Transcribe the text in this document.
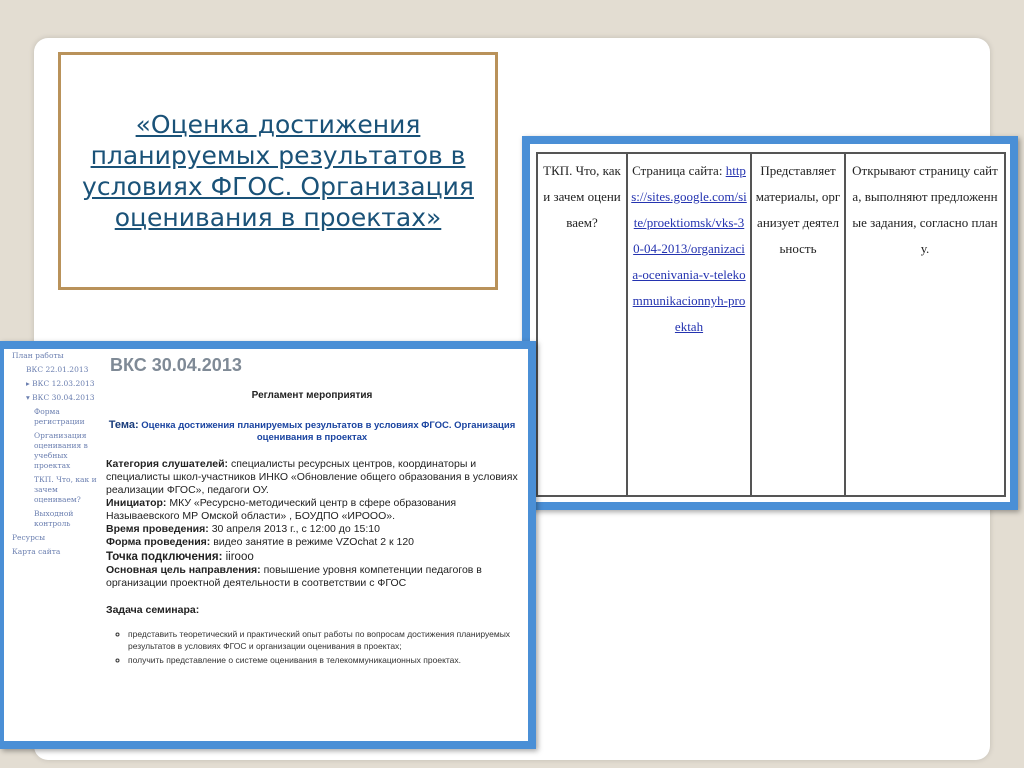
«Оценка достижения планируемых результатов в условиях ФГОС. Организация оценивания в проектах»
ТКП. Что, как и зачем оцениваем?	Страница сайта: https://sites.google.com/site/proektiomsk/vks-30-04-2013/organizacia-ocenivania-v-telekommunikacionnyh-proektah	Представляет материалы, организует деятельность	Открывают страницу сайта, выполняют предложенные задания, согласно плану.
План работы
ВКС 22.01.2013
▸ ВКС 12.03.2013
▾ ВКС 30.04.2013
Форма регистрации
Организация оценивания в учебных проектах
ТКП. Что, как и зачем оцениваем?
Выходной контроль
Ресурсы
Карта сайта
ВКС 30.04.2013
Регламент мероприятия
Тема: Оценка достижения планируемых результатов в условиях ФГОС. Организация оценивания в проектах

Категория слушателей: специалисты ресурсных центров, координаторы и специалисты школ-участников ИНКО «Обновление общего образования в условиях реализации ФГОС», педагоги ОУ.

Инициатор: МКУ «Ресурсно-методический центр в сфере образования Называевского МР Омской области» , БОУДПО «ИРООО».

Время проведения: 30 апреля 2013 г., с 12:00 до 15:10

Форма проведения: видео занятие в режиме VZOchat 2 к 120

Точка подключения: iirooo

Основная цель направления: повышение уровня компетенции педагогов в организации проектной деятельности в соответствии с ФГОС

Задача семинара:
◦ представить теоретический и практический опыт работы по вопросам достижения планируемых результатов в условиях ФГОС и организации оценивания в проектах;
◦ получить представление о системе оценивания в телекоммуникационных проектах.
